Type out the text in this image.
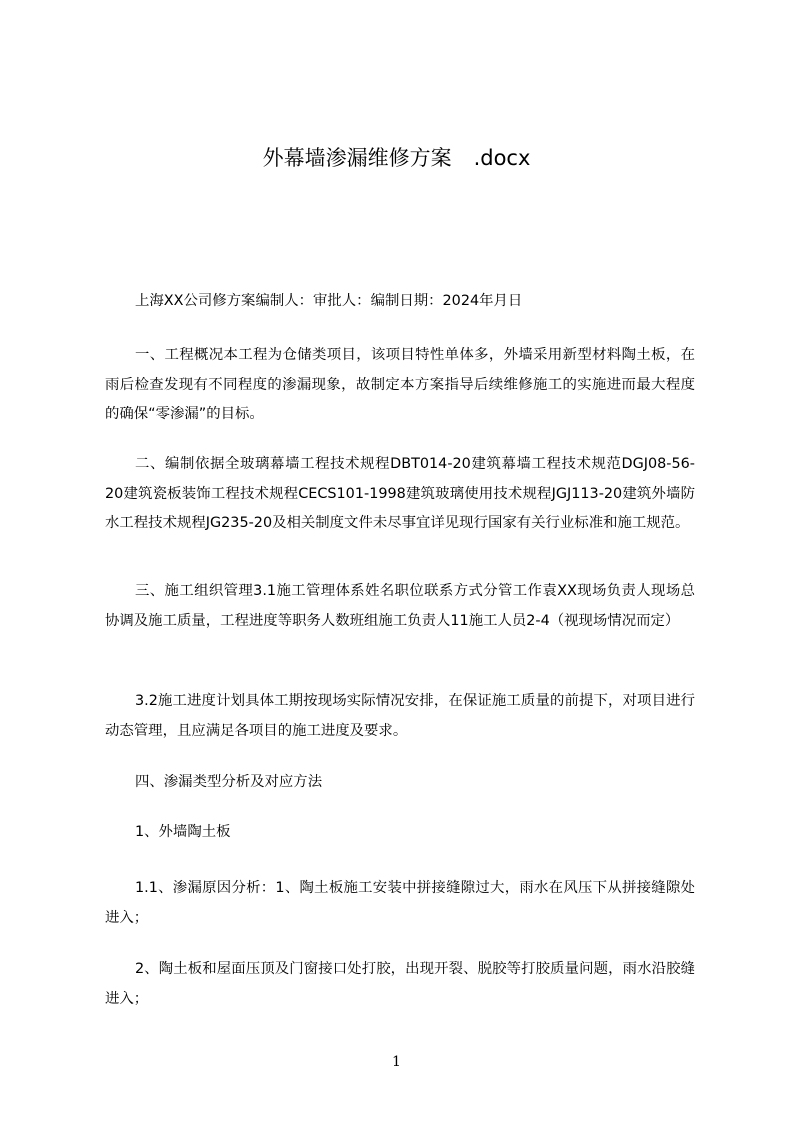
外幕墙渗漏维修方案 .docx

上海XX公司修方案编制人：审批人：编制日期：2024年月日

一、工程概况本工程为仓储类项目，该项目特性单体多，外墙采用新型材料陶土板，在雨后检查发现有不同程度的渗漏现象，故制定本方案指导后续维修施工的实施进而最大程度的确保“零渗漏”的目标。

二、编制依据全玻璃幕墙工程技术规程DBT014-20建筑幕墙工程技术规范DGJ08-56-20建筑瓷板装饰工程技术规程CECS101-1998建筑玻璃使用技术规程JGJ113-20建筑外墙防水工程技术规程JG235-20及相关制度文件未尽事宜详见现行国家有关行业标准和施工规范。

三、施工组织管理3.1施工管理体系姓名职位联系方式分管工作袁XX现场负责人现场总协调及施工质量，工程进度等职务人数班组施工负责人11施工人员2-4（视现场情况而定）

3.2施工进度计划具体工期按现场实际情况安排，在保证施工质量的前提下，对项目进行动态管理，且应满足各项目的施工进度及要求。

四、渗漏类型分析及对应方法

1、外墙陶土板

1.1、渗漏原因分析：1、陶土板施工安装中拼接缝隙过大，雨水在风压下从拼接缝隙处进入；

2、陶土板和屋面压顶及门窗接口处打胶，出现开裂、脱胶等打胶质量问题，雨水沿胶缝进入；

1
